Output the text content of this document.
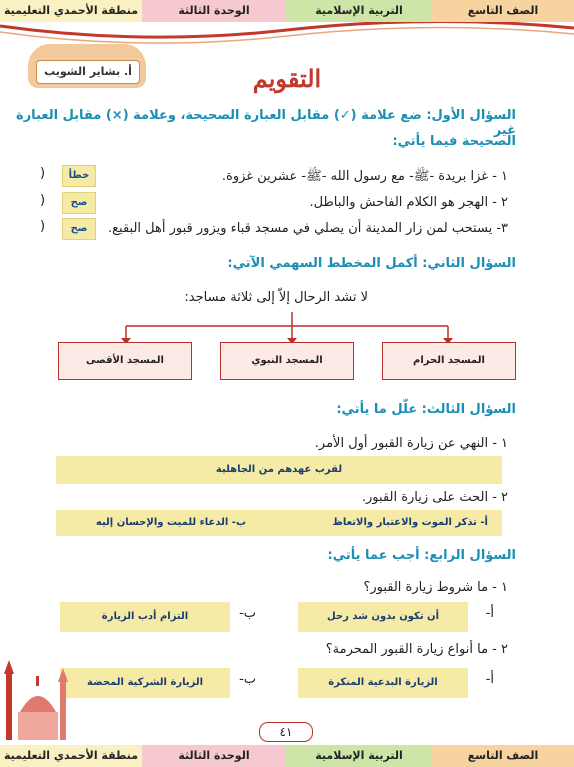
الصف التاسع
التربية الإسلامية
الوحدة الثالثة
منطقة الأحمدي التعليمية
أ. بشاير الشويب	التقويم
السؤال الأول: ضع علامة (✓) مقابل العبارة الصحيحة، وعلامة (×) مقابل العبارة غير
الصحيحة فيما يأتي:
١ - غزا بريدة -ﷺ- مع رسول الله -ﷺ- عشرين غزوة.
خطأ
(
٢ - الهجر هو الكلام الفاحش والباطل.
صح
(
٣- يستحب لمن زار المدينة أن يصلي في مسجد قباء ويزور قبور أهل البقيع.
صح
(
السؤال الثاني: أكمل المخطط السهمي الآتي:
لا تشد الرحال إلاّ إلى ثلاثة مساجد:
المسجد الحرام
المسجد النبوي
المسجد الأقصى
السؤال الثالث: علّل ما يأتي:
١ - النهي عن زيارة القبور أول الأمر.
لقرب عهدهم من الجاهلية
٢ - الحث على زيارة القبور.
أ- تذكر الموت والاعتبار والاتعاظ
ب- الدعاء للميت والإحسان إليه
السؤال الرابع: أجب عما يأتي:
١ - ما شروط زيارة القبور؟
أ-
أن تكون بدون شد رحل
ب-
التزام أدب الزيارة
٢ - ما أنواع زيارة القبور المحرمة؟
أ-
الزيارة البدعية المنكرة
ب-
الزيارة الشركية المحضة
٤١
الصف التاسع
التربية الإسلامية
الوحدة الثالثة
منطقة الأحمدي التعليمية
